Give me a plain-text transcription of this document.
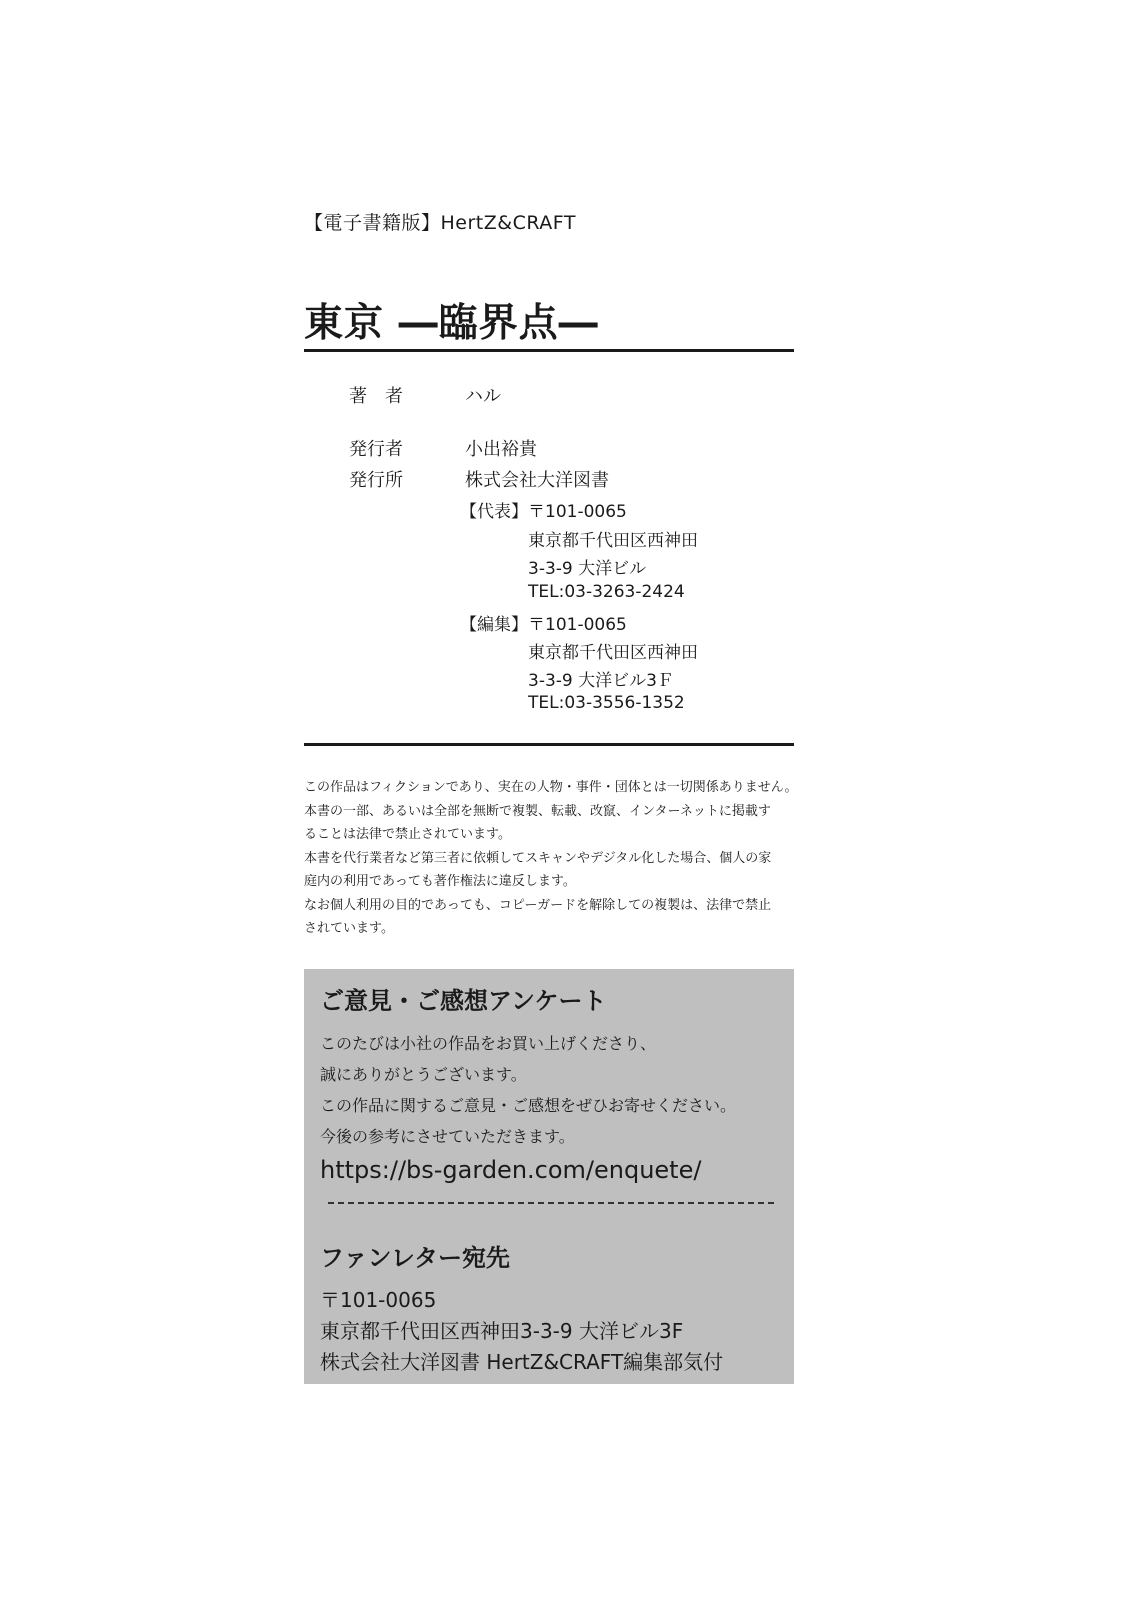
【電子書籍版】HertZ&CRAFT
東京 ―臨界点―
著　者	ハル
発行者	小出裕貴
発行所	株式会社大洋図書
【代表】 〒101-0065
東京都千代田区西神田
3-3-9 大洋ビル
TEL:03-3263-2424
【編集】 〒101-0065
東京都千代田区西神田
3-3-9 大洋ビル3Ｆ
TEL:03-3556-1352
この作品はフィクションであり、実在の人物・事件・団体とは一切関係ありません。
本書の一部、あるいは全部を無断で複製、転載、改竄、インターネットに掲載す
ることは法律で禁止されています。
本書を代行業者など第三者に依頼してスキャンやデジタル化した場合、個人の家
庭内の利用であっても著作権法に違反します。
なお個人利用の目的であっても、コピーガードを解除しての複製は、法律で禁止
されています。
ご意見・ご感想アンケート
このたびは小社の作品をお買い上げくださり、
誠にありがとうございます。
この作品に関するご意見・ご感想をぜひお寄せください。
今後の参考にさせていただきます。
https://bs-garden.com/enquete/
ファンレター宛先
〒101-0065
東京都千代田区西神田3-3-9 大洋ビル3F
株式会社大洋図書 HertZ&CRAFT編集部気付
